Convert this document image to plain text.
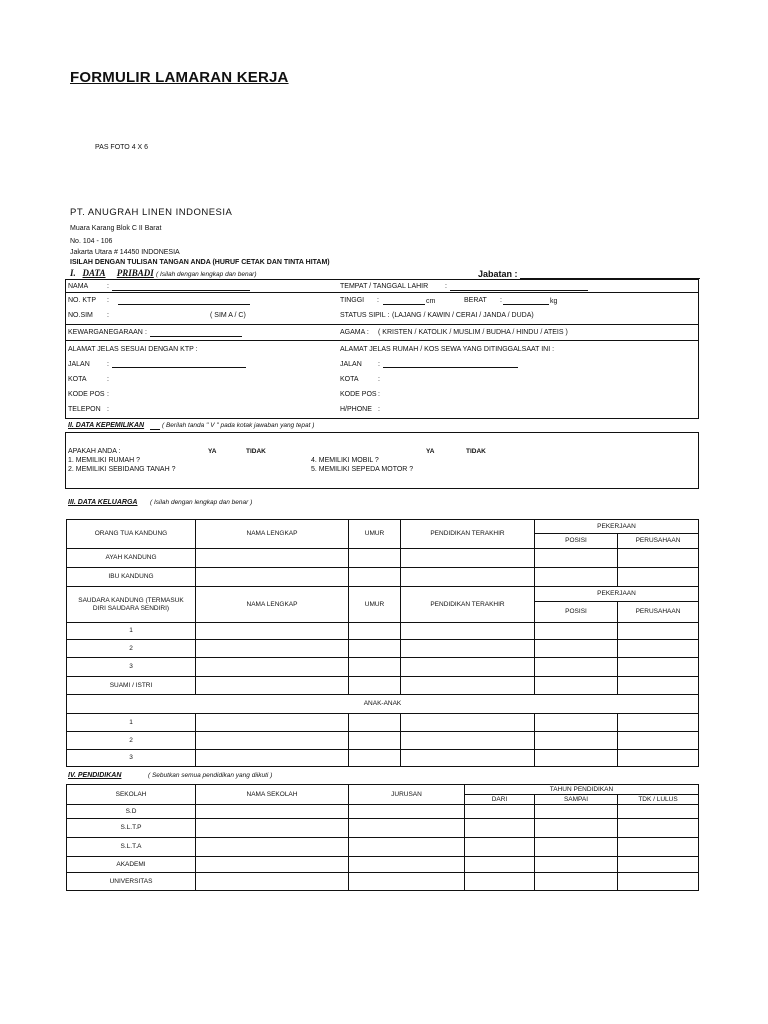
FORMULIR LAMARAN KERJA
PAS FOTO 4 X 6
PT. ANUGRAH LINEN INDONESIA
Muara Karang Blok C II Barat
No. 104 - 106
Jakarta Utara # 14450 INDONESIA
ISILAH DENGAN TULISAN TANGAN ANDA (HURUF CETAK DAN TINTA HITAM)
I. DATA PRIBADI ( Isilah dengan lengkap dan benar)	Jabatan :
NAMA	:	TEMPAT / TANGGAL LAHIR :
NO. KTP :	TINGGI :	cm	BERAT :	kg
NO.SIM :	( SIM A / C)	STATUS SIPIL : (LAJANG / KAWIN / CERAI / JANDA / DUDA)
KEWARGANEGARAAN :	AGAMA : ( KRISTEN / KATOLIK / MUSLIM / BUDHA / HINDU / ATEIS )
ALAMAT JELAS SESUAI DENGAN KTP :	ALAMAT JELAS RUMAH / KOS SEWA YANG DITINGGALSAAT INI :
JALAN :	JALAN :
KOTA	:	KOTA	:
KODE POS :	KODE POS :
TELEPON :	H/PHONE :
II. DATA KEPEMILIKAN	( Berilah tanda " V " pada kotak jawaban yang tepat )
APAKAH ANDA :	YA	TIDAK	YA	TIDAK
1. MEMILIKI RUMAH ?
2. MEMILIKI SEBIDANG TANAH ?
4. MEMILIKI MOBIL ?
5. MEMILIKI SEPEDA MOTOR ?
III. DATA KELUARGA ( Isilah dengan lengkap dan benar )
ORANG TUA KANDUNG	NAMA LENGKAP	UMUR	PENDIDIKAN TERAKHIR	PEKERJAAN	
				POSISI	PERUSAHAAN
AYAH KANDUNG					
IBU KANDUNG					
SAUDARA KANDUNG (TERMASUK DIRI SAUDARA SENDIRI)	NAMA LENGKAP	UMUR	PENDIDIKAN TERAKHIR	PEKERJAAN	
				POSISI	PERUSAHAAN
1					
2					
3					
SUAMI / ISTRI					
ANAK-ANAK					
1					
2					
3					
IV. PENDIDIKAN	( Sebutkan semua pendidikan yang diikuti )
SEKOLAH	NAMA SEKOLAH	JURUSAN	TAHUN PENDIDIKAN		
			DARI	SAMPAI	TDK / LULUS
S.D					
S.L.T.P					
S.L.T.A					
AKADEMI					
UNIVERSITAS					
